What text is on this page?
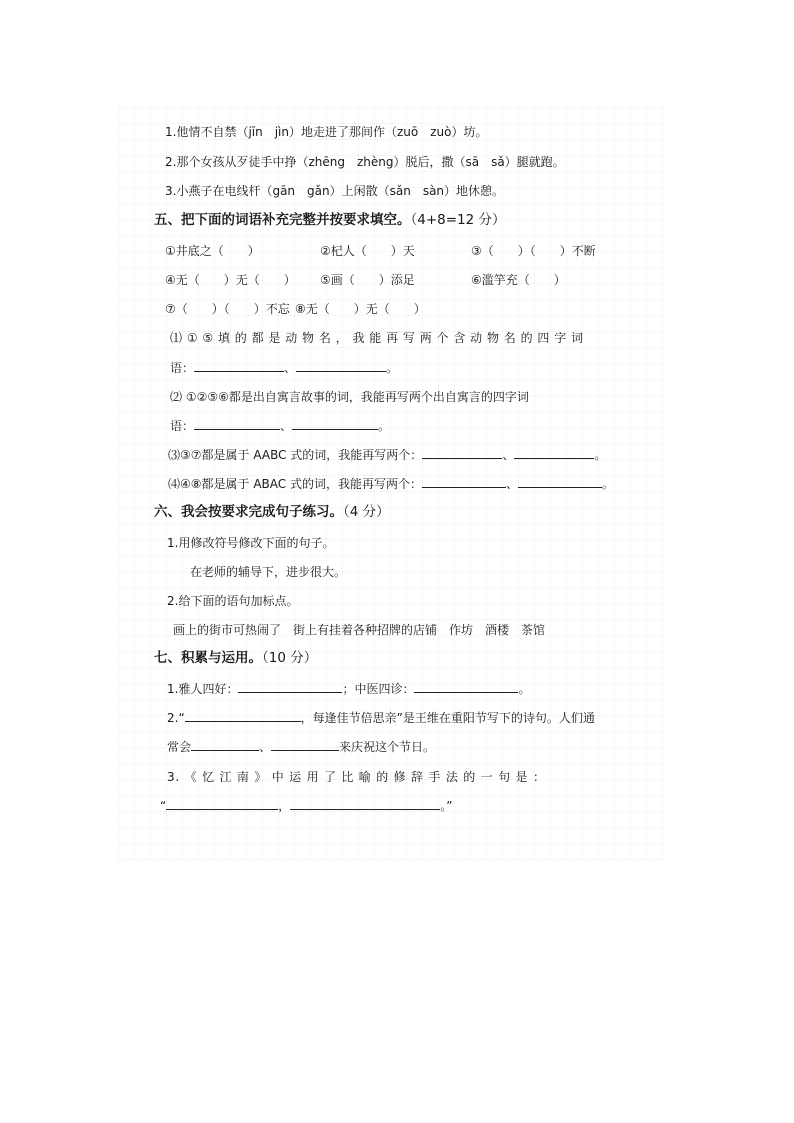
1.他情不自禁（jīn　jìn）地走进了那间作（zuō　zuò）坊。
2.那个女孩从歹徒手中挣（zhēng　zhèng）脱后，撒（sā　sǎ）腿就跑。
3.小燕子在电线杆（gān　gǎn）上闲散（sǎn　sàn）地休憩。
五、把下面的词语补充完整并按要求填空。（4+8=12 分）
①井底之（　　）	②杞人（　　）天	③（　　）（　　）不断
④无（　　）无（　　） ⑤画（　　）添足	⑥滥竽充（　　）
⑦（　　）（　　）不忘 ⑧无（　　）无（　　）
⑴ ① ⑤ 填 的 都 是 动 物 名 ， 我 能 再 写 两 个 含 动 物 名 的 四 字 词
语：	、	。
⑵ ①②⑤⑥都是出自寓言故事的词，我能再写两个出自寓言的四字词
语：	、	。
⑶③⑦都是属于 AABC 式的词，我能再写两个：	、	。
⑷④⑧都是属于 ABAC 式的词，我能再写两个：	、	。
六、我会按要求完成句子练习。（4 分）
1.用修改符号修改下面的句子。
在老师的辅导下，进步很大。
2.给下面的语句加标点。
画上的街市可热闹了　街上有挂着各种招牌的店铺　作坊　酒楼　茶馆
七、积累与运用。（10 分）
1.雅人四好：	；中医四诊：	。
2.“	，每逢佳节倍思亲”是王维在重阳节写下的诗句。人们通
常会	、	来庆祝这个节日。
3. 《 忆 江 南 》 中 运 用 了 比 喻 的 修 辞 手 法 的 一 句 是 ：
“	，	。”
